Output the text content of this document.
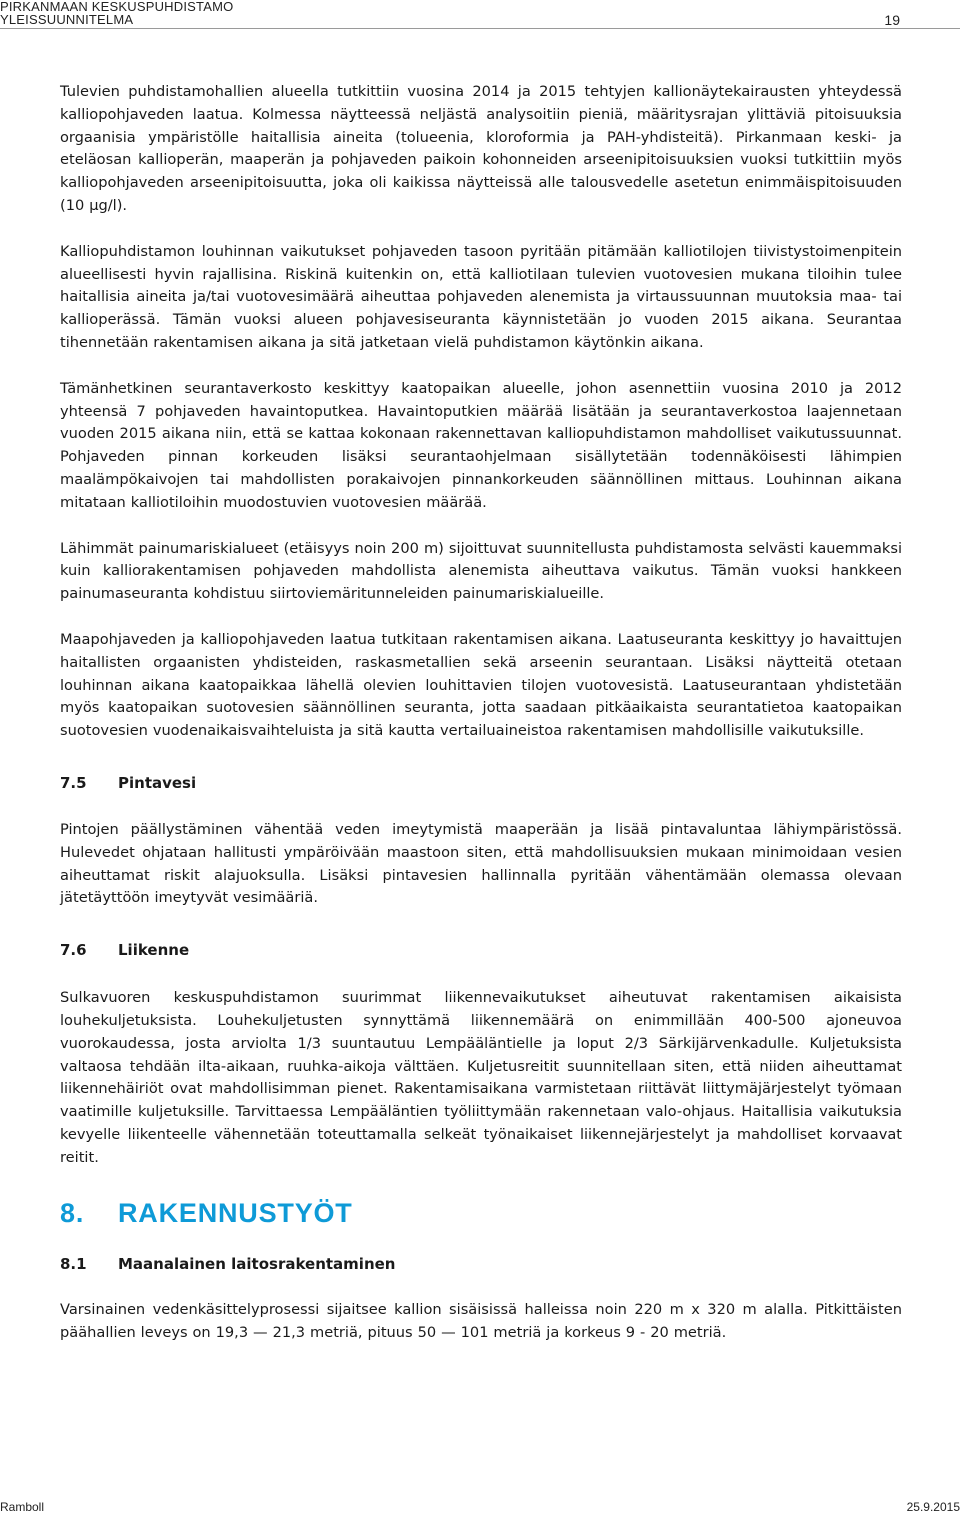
PIRKANMAAN KESKUSPUHDISTAMO
YLEISSUUNNITELMA	19

Tulevien puhdistamohallien alueella tutkittiin vuosina 2014 ja 2015 tehtyjen kallionäytekairausten yhteydessä kalliopohjaveden laatua. Kolmessa näytteessä neljästä analysoitiin pieniä, määritysrajan ylittäviä pitoisuuksia orgaanisia ympäristölle haitallisia aineita (tolueenia, kloroformia ja PAH-yhdisteitä). Pirkanmaan keski- ja eteläosan kallioperän, maaperän ja pohjaveden paikoin kohonneiden arseenipitoisuuksien vuoksi tutkittiin myös kalliopohjaveden arseenipitoisuutta, joka oli kaikissa näytteissä alle talousvedelle asetetun enimmäispitoisuuden (10 µg/l).

Kalliopuhdistamon louhinnan vaikutukset pohjaveden tasoon pyritään pitämään kalliotilojen tiivistystoimenpitein alueellisesti hyvin rajallisina. Riskinä kuitenkin on, että kalliotilaan tulevien vuotovesien mukana tiloihin tulee haitallisia aineita ja/tai vuotovesimäärä aiheuttaa pohjaveden alenemista ja virtaussuunnan muutoksia maa- tai kallioperässä. Tämän vuoksi alueen pohjavesiseuranta käynnistetään jo vuoden 2015 aikana. Seurantaa tihennetään rakentamisen aikana ja sitä jatketaan vielä puhdistamon käytönkin aikana.

Tämänhetkinen seurantaverkosto keskittyy kaatopaikan alueelle, johon asennettiin vuosina 2010 ja 2012 yhteensä 7 pohjaveden havaintoputkea. Havaintoputkien määrää lisätään ja seurantaverkostoa laajennetaan vuoden 2015 aikana niin, että se kattaa kokonaan rakennettavan kalliopuhdistamon mahdolliset vaikutussuunnat. Pohjaveden pinnan korkeuden lisäksi seurantaohjelmaan sisällytetään todennäköisesti lähimpien maalämpökaivojen tai mahdollisten porakaivojen pinnankorkeuden säännöllinen mittaus. Louhinnan aikana mitataan kalliotiloihin muodostuvien vuotovesien määrää.

Lähimmät painumariskialueet (etäisyys noin 200 m) sijoittuvat suunnitellusta puhdistamosta selvästi kauemmaksi kuin kalliorakentamisen pohjaveden mahdollista alenemista aiheuttava vaikutus. Tämän vuoksi hankkeen painumaseuranta kohdistuu siirtoviemäritunneleiden painumariskialueille.

Maapohjaveden ja kalliopohjaveden laatua tutkitaan rakentamisen aikana. Laatuseuranta keskittyy jo havaittujen haitallisten orgaanisten yhdisteiden, raskasmetallien sekä arseenin seurantaan. Lisäksi näytteitä otetaan louhinnan aikana kaatopaikkaa lähellä olevien louhittavien tilojen vuotovesistä. Laatuseurantaan yhdistetään myös kaatopaikan suotovesien säännöllinen seuranta, jotta saadaan pitkäaikaista seurantatietoa kaatopaikan suotovesien vuodenaikaisvaihteluista ja sitä kautta vertailuaineistoa rakentamisen mahdollisille vaikutuksille.

7.5 Pintavesi

Pintojen päällystäminen vähentää veden imeytymistä maaperään ja lisää pintavaluntaa lähiympäristössä. Hulevedet ohjataan hallitusti ympäröivään maastoon siten, että mahdollisuuksien mukaan minimoidaan vesien aiheuttamat riskit alajuoksulla. Lisäksi pintavesien hallinnalla pyritään vähentämään olemassa olevaan jätetäyttöön imeytyvät vesimääriä.

7.6 Liikenne

Sulkavuoren keskuspuhdistamon suurimmat liikennevaikutukset aiheutuvat rakentamisen aikaisista louhekuljetuksista. Louhekuljetusten synnyttämä liikennemäärä on enimmillään 400-500 ajoneuvoa vuorokaudessa, josta arviolta 1/3 suuntautuu Lempääläntielle ja loput 2/3 Särkijärvenkadulle. Kuljetuksista valtaosa tehdään ilta-aikaan, ruuhka-aikoja välttäen. Kuljetusreitit suunnitellaan siten, että niiden aiheuttamat liikennehäiriöt ovat mahdollisimman pienet. Rakentamisaikana varmistetaan riittävät liittymäjärjestelyt työmaan vaatimille kuljetuksille. Tarvittaessa Lempääläntien työliittymään rakennetaan valo-ohjaus. Haitallisia vaikutuksia kevyelle liikenteelle vähennetään toteuttamalla selkeät työnaikaiset liikennejärjestelyt ja mahdolliset korvaavat reitit.

8. RAKENNUSTYÖT
8.1 Maanalainen laitosrakentaminen

Varsinainen vedenkäsittelyprosessi sijaitsee kallion sisäisissä halleissa noin 220 m x 320 m alalla. Pitkittäisten päähallien leveys on 19,3 — 21,3 metriä, pituus 50 — 101 metriä ja korkeus 9 - 20 metriä.

Ramboll	25.9.2015
